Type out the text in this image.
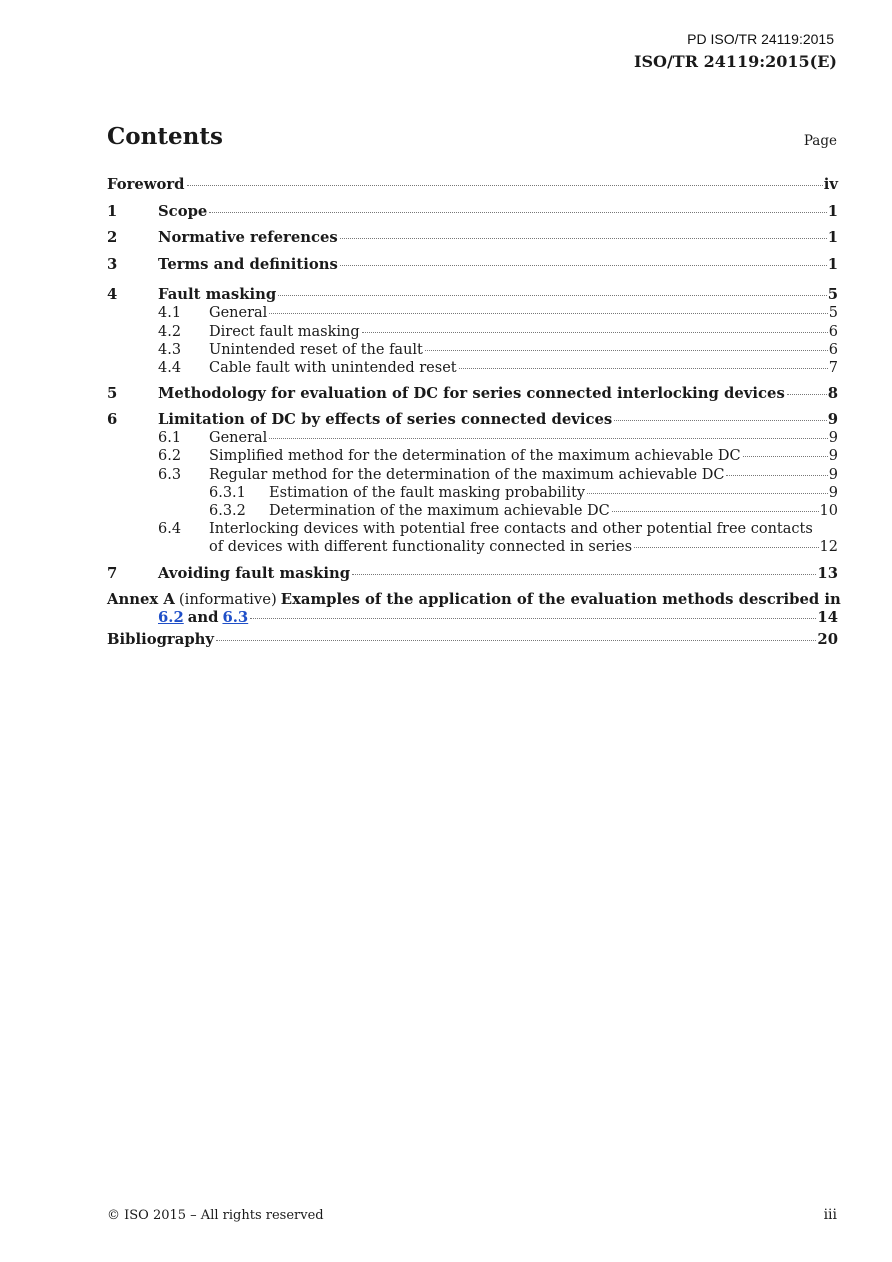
PD ISO/TR 24119:2015
ISO/TR 24119:2015(E)
Contents	Page
Foreword	iv
1	Scope	1
2	Normative references	1
3	Terms and definitions	1
4	Fault masking	5
4.1	General	5
4.2	Direct fault masking	6
4.3	Unintended reset of the fault	6
4.4	Cable fault with unintended reset	7
5	Methodology for evaluation of DC for series connected interlocking devices	8
6	Limitation of DC by effects of series connected devices	9
6.1	General	9
6.2	Simplified method for the determination of the maximum achievable DC	9
6.3	Regular method for the determination of the maximum achievable DC	9
6.3.1	Estimation of the fault masking probability	9
6.3.2	Determination of the maximum achievable DC	10
6.4	Interlocking devices with potential free contacts and other potential free contacts
of devices with different functionality connected in series	12
7	Avoiding fault masking	13
Annex A (informative) Examples of the application of the evaluation methods described in
6.2 and 6.3	14
Bibliography	20
© ISO 2015 – All rights reserved	iii
